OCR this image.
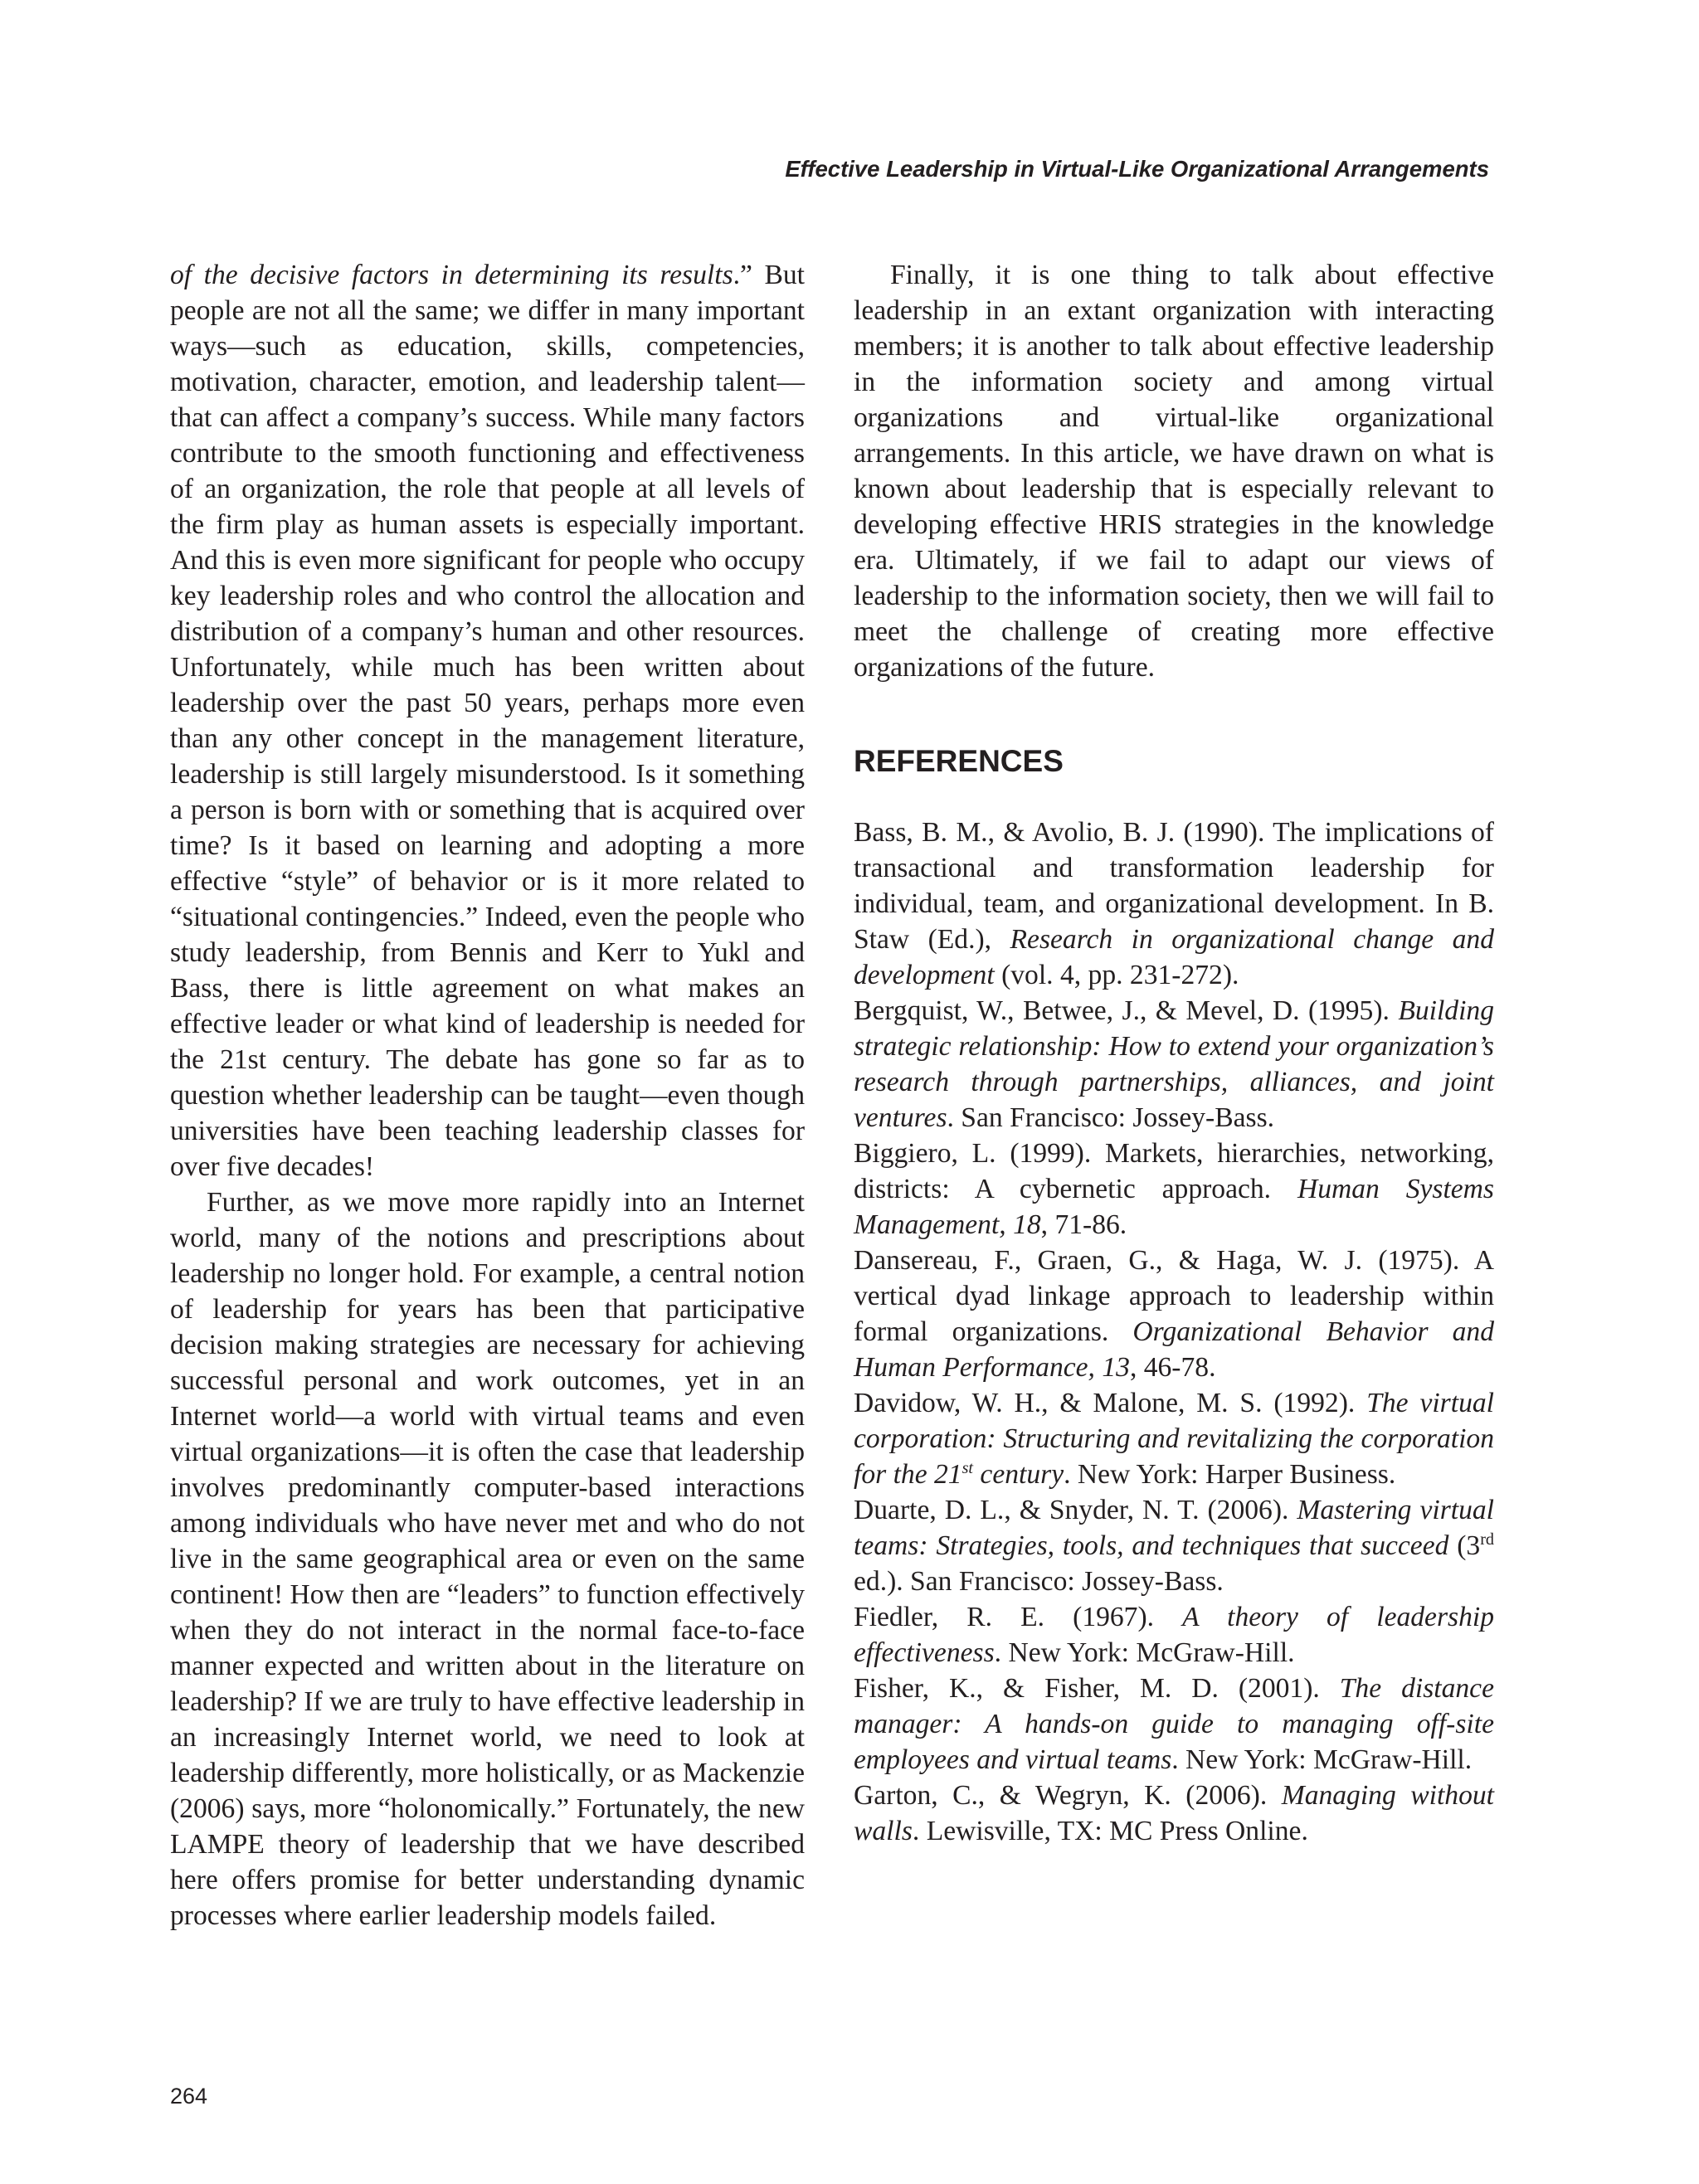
Effective Leadership in Virtual-Like Organizational Arrangements

of the decisive factors in determining its results.” But people are not all the same; we differ in many important ways—such as education, skills, competencies, motivation, character, emotion, and leadership talent—that can affect a company’s success. While many factors contribute to the smooth functioning and effectiveness of an organization, the role that people at all levels of the firm play as human assets is especially important. And this is even more significant for people who occupy key leadership roles and who control the allocation and distribution of a company’s human and other resources. Unfortunately, while much has been written about leadership over the past 50 years, perhaps more even than any other concept in the management literature, leadership is still largely misunderstood. Is it something a person is born with or something that is acquired over time? Is it based on learning and adopting a more effective “style” of behavior or is it more related to “situational contingencies.” Indeed, even the people who study leadership, from Bennis and Kerr to Yukl and Bass, there is little agreement on what makes an effective leader or what kind of leadership is needed for the 21st century. The debate has gone so far as to question whether leadership can be taught—even though universities have been teaching leadership classes for over five decades!

Further, as we move more rapidly into an Internet world, many of the notions and prescriptions about leadership no longer hold. For example, a central notion of leadership for years has been that participative decision making strategies are necessary for achieving successful personal and work outcomes, yet in an Internet world—a world with virtual teams and even virtual organizations—it is often the case that leadership involves predominantly computer-based interactions among individuals who have never met and who do not live in the same geographical area or even on the same continent! How then are “leaders” to function effectively when they do not interact in the normal face-to-face manner expected and written about in the literature on leadership? If we are truly to have effective leadership in an increasingly Internet world, we need to look at leadership differently, more holistically, or as Mackenzie (2006) says, more “holonomically.” Fortunately, the new LAMPE theory of leadership that we have described here offers promise for better understanding dynamic processes where earlier leadership models failed.

Finally, it is one thing to talk about effective leadership in an extant organization with interacting members; it is another to talk about effective leadership in the information society and among virtual organizations and virtual-like organizational arrangements. In this article, we have drawn on what is known about leadership that is especially relevant to developing effective HRIS strategies in the knowledge era. Ultimately, if we fail to adapt our views of leadership to the information society, then we will fail to meet the challenge of creating more effective organizations of the future.

REFERENCES

Bass, B. M., & Avolio, B. J. (1990). The implications of transactional and transformation leadership for individual, team, and organizational development. In B. Staw (Ed.), Research in organizational change and development (vol. 4, pp. 231-272).

Bergquist, W., Betwee, J., & Mevel, D. (1995). Building strategic relationship: How to extend your organization’s research through partnerships, alliances, and joint ventures. San Francisco: Jossey-Bass.

Biggiero, L. (1999). Markets, hierarchies, networking, districts: A cybernetic approach. Human Systems Management, 18, 71-86.

Dansereau, F., Graen, G., & Haga, W. J. (1975). A vertical dyad linkage approach to leadership within formal organizations. Organizational Behavior and Human Performance, 13, 46-78.

Davidow, W. H., & Malone, M. S. (1992). The virtual corporation: Structuring and revitalizing the corporation for the 21st century. New York: Harper Business.

Duarte, D. L., & Snyder, N. T. (2006). Mastering virtual teams: Strategies, tools, and techniques that succeed (3rd ed.). San Francisco: Jossey-Bass.

Fiedler, R. E. (1967). A theory of leadership effectiveness. New York: McGraw-Hill.

Fisher, K., & Fisher, M. D. (2001). The distance manager: A hands-on guide to managing off-site employees and virtual teams. New York: McGraw-Hill.

Garton, C., & Wegryn, K. (2006). Managing without walls. Lewisville, TX: MC Press Online.

264
